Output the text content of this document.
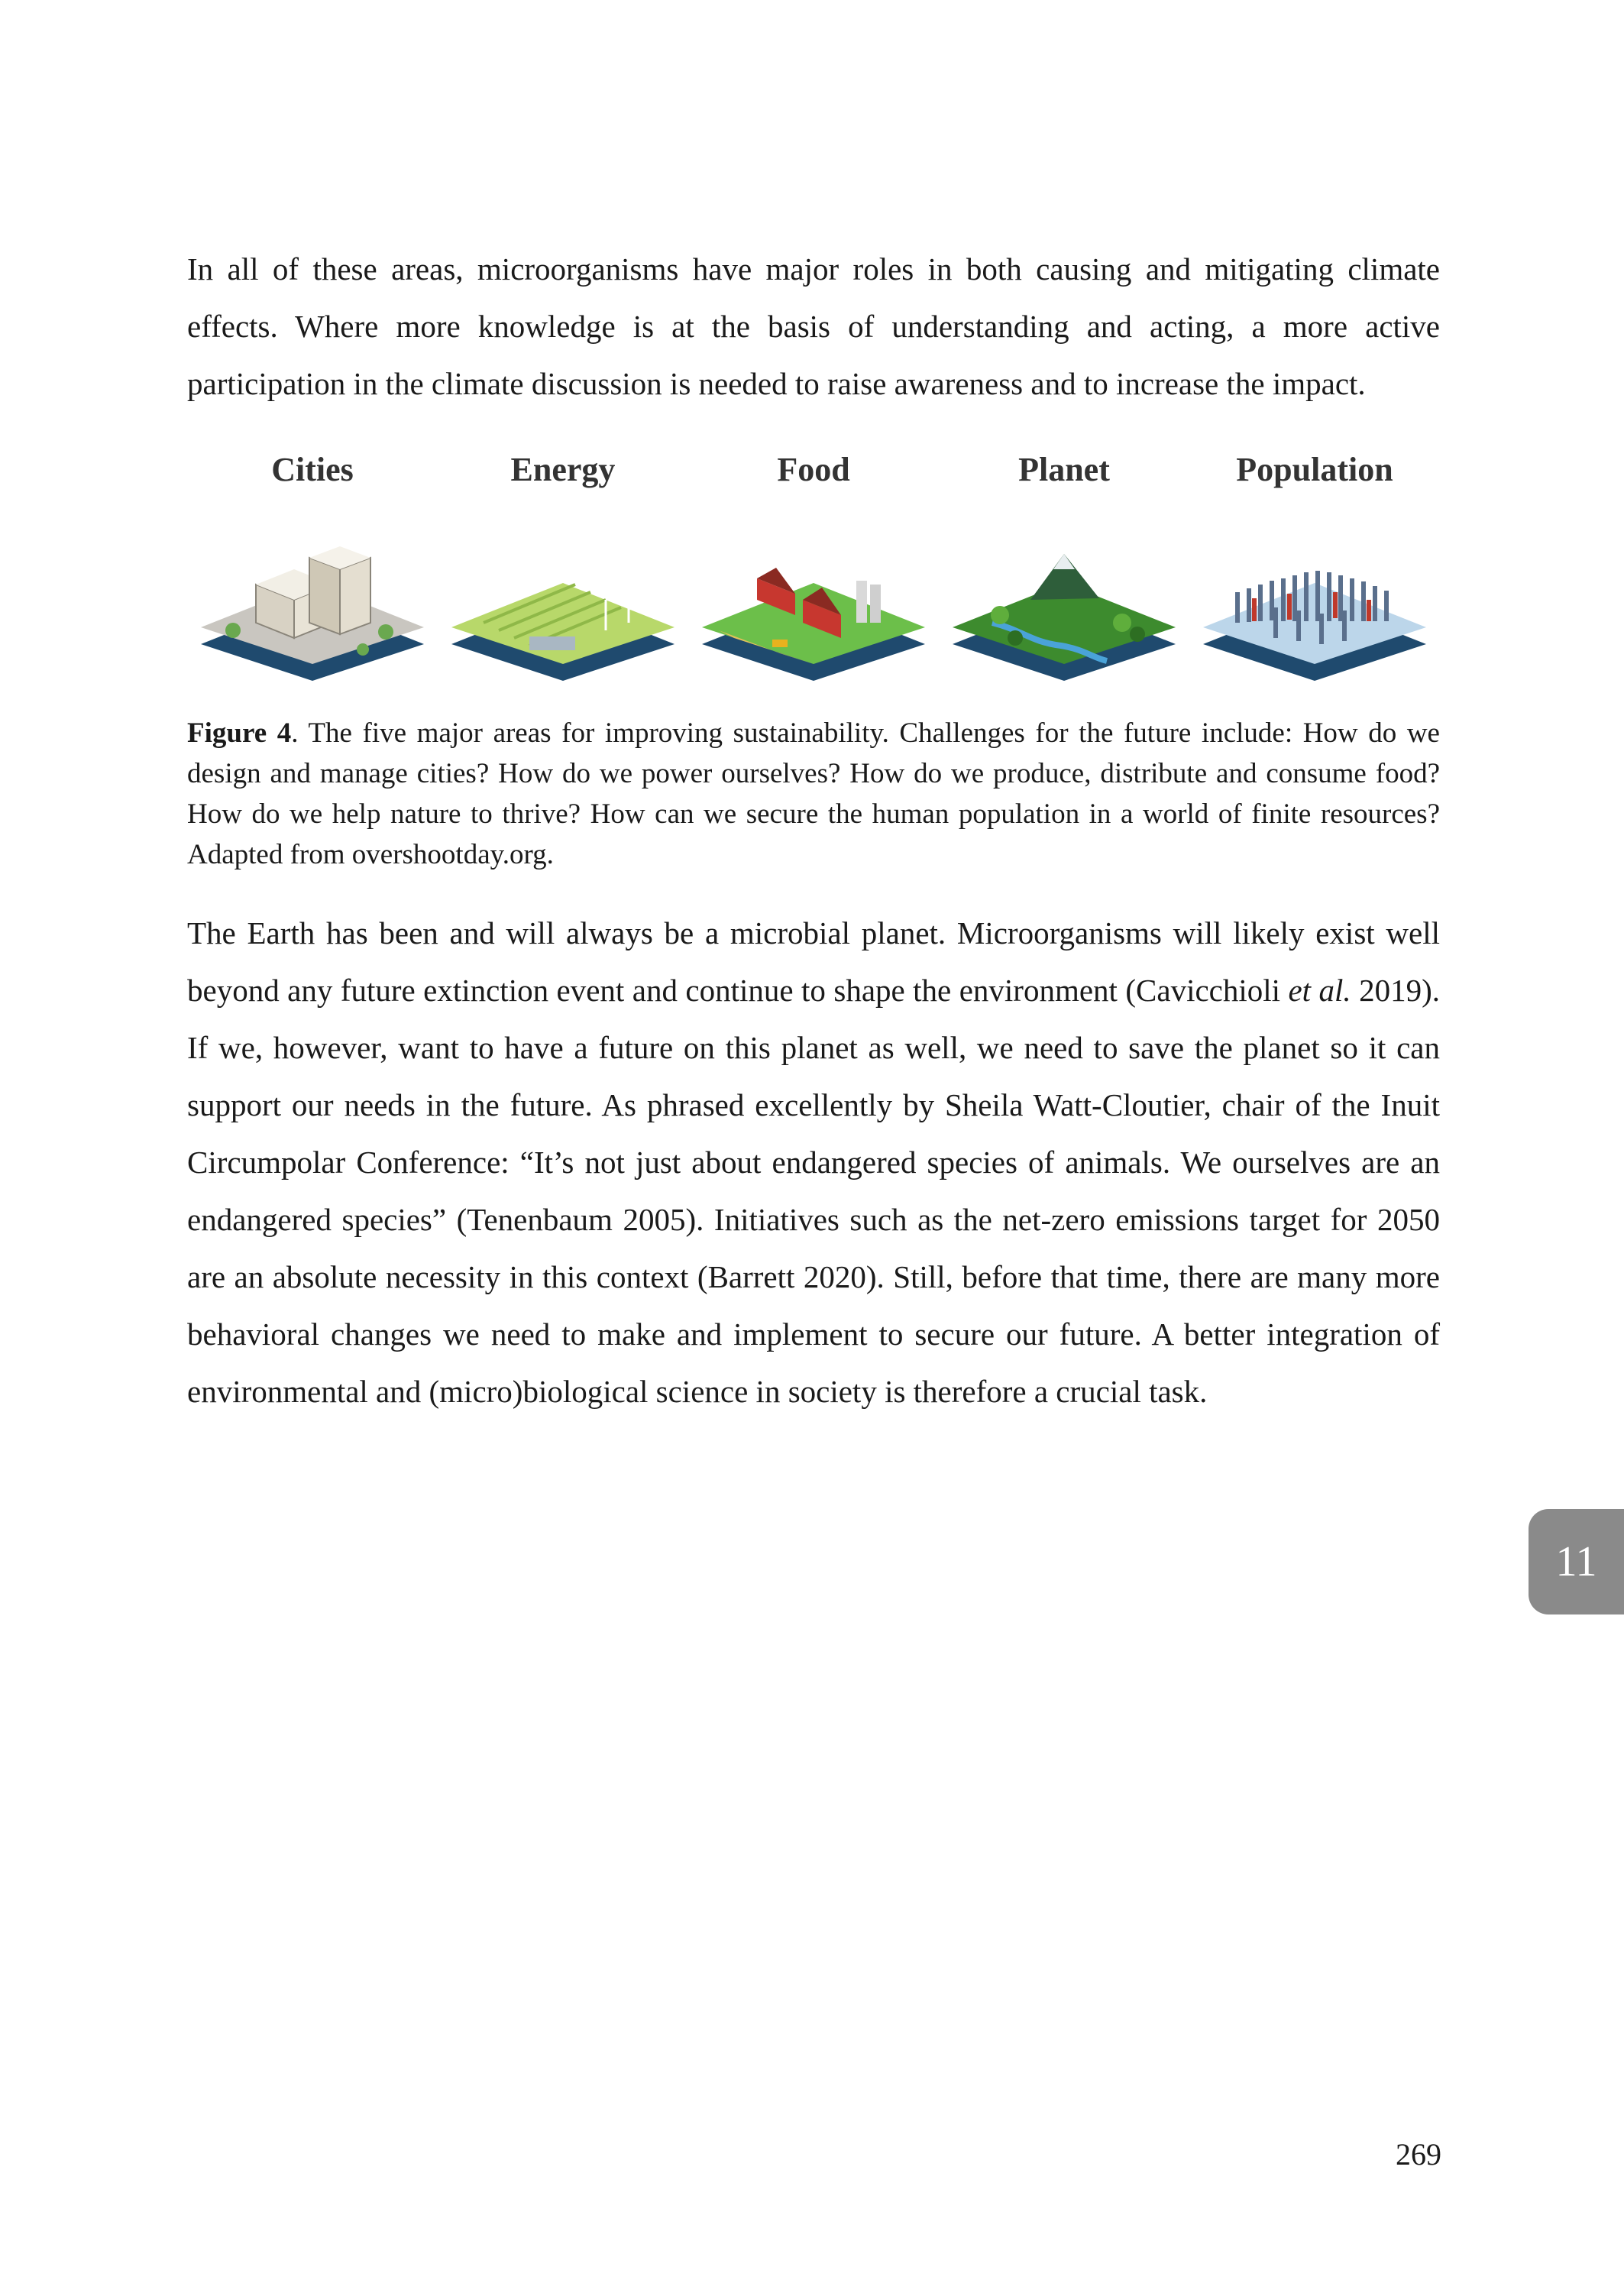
In all of these areas, microorganisms have major roles in both causing and mitigating climate effects. Where more knowledge is at the basis of understanding and acting, a more active participation in the climate discussion is needed to raise awareness and to increase the impact.

Cities	Energy	Food	Planet	Population

Figure 4. The five major areas for improving sustainability. Challenges for the future include: How do we design and manage cities? How do we power ourselves? How do we produce, distribute and consume food? How do we help nature to thrive? How can we secure the human population in a world of finite resources? Adapted from overshootday.org.

The Earth has been and will always be a microbial planet. Microorganisms will likely exist well beyond any future extinction event and continue to shape the environment (Cavicchioli et al. 2019). If we, however, want to have a future on this planet as well, we need to save the planet so it can support our needs in the future. As phrased excellently by Sheila Watt-Cloutier, chair of the Inuit Circumpolar Conference: “It’s not just about endangered species of animals. We ourselves are an endangered species” (Tenenbaum 2005). Initiatives such as the net-zero emissions target for 2050 are an absolute necessity in this context (Barrett 2020). Still, before that time, there are many more behavioral changes we need to make and implement to secure our future. A better integration of environmental and (micro)biological science in society is therefore a crucial task.

11
269
